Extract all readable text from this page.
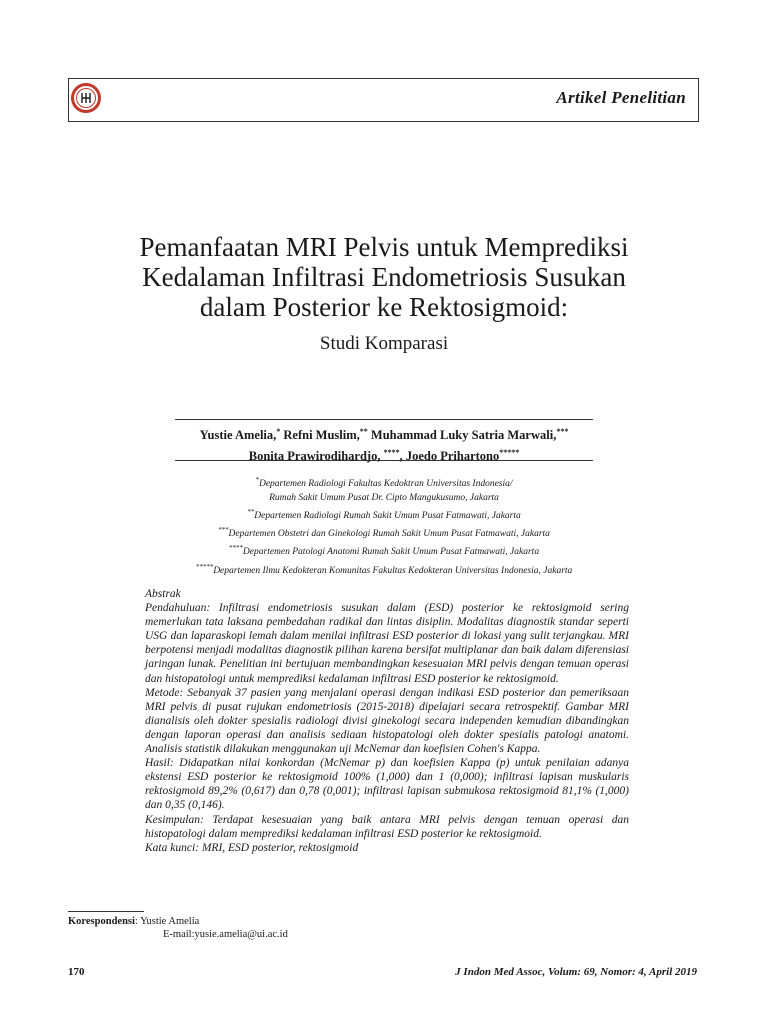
Artikel Penelitian
Pemanfaatan MRI Pelvis untuk Memprediksi
Kedalaman Infiltrasi Endometriosis Susukan
dalam Posterior ke Rektosigmoid:
Studi Komparasi
Yustie Amelia,* Refni Muslim,** Muhammad Luky Satria Marwali,***
Bonita Prawirodihardjo, ****, Joedo Prihartono*****
*Departemen Radiologi Fakultas Kedoktran Universitas Indonesia/
Rumah Sakit Umum Pusat Dr. Cipto Mangukusumo, Jakarta
**Departemen Radiologi Rumah Sakit Umum Pusat Fatmawati, Jakarta
***Departemen Obstetri dan Ginekologi Rumah Sakit Umum Pusat Fatmawati, Jakarta
****Departemen Patologi Anatomi Rumah Sakit Umum Pusat Fatmawati, Jakarta
*****Departemen Ilmu Kedokteran Komunitas Fakultas Kedokteran Universitas Indonesia, Jakarta

Abstrak

Pendahuluan: Infiltrasi endometriosis susukan dalam (ESD) posterior ke rektosigmoid sering memerlukan tata laksana pembedahan radikal dan lintas disiplin. Modalitas diagnostik standar seperti USG dan laparaskopi lemah dalam menilai infiltrasi ESD posterior di lokasi yang sulit terjangkau. MRI berpotensi menjadi modalitas diagnostik pilihan karena bersifat multiplanar dan baik dalam diferensiasi jaringan lunak. Penelitian ini bertujuan membandingkan kesesuaian MRI pelvis dengan temuan operasi dan histopatologi untuk memprediksi kedalaman infiltrasi ESD posterior ke rektosigmoid.

Metode: Sebanyak 37 pasien yang menjalani operasi dengan indikasi ESD posterior dan pemeriksaan MRI pelvis di pusat rujukan endometriosis (2015-2018) dipelajari secara retrospektif. Gambar MRI dianalisis oleh dokter spesialis radiologi divisi ginekologi secara independen kemudian dibandingkan dengan laporan operasi dan analisis sediaan histopatologi oleh dokter spesialis patologi anatomi. Analisis statistik dilakukan menggunakan uji McNemar dan koefisien Cohen's Kappa.

Hasil: Didapatkan nilai konkordan (McNemar p) dan koefisien Kappa (p) untuk penilaian adanya ekstensi ESD posterior ke rektosigmoid 100% (1,000) dan 1 (0,000); infiltrasi lapisan muskularis rektosigmoid 89,2% (0,617) dan 0,78 (0,001); infiltrasi lapisan submukosa rektosigmoid 81,1% (1,000) dan 0,35 (0,146).

Kesimpulan: Terdapat kesesuaian yang baik antara MRI pelvis dengan temuan operasi dan histopatologi dalam memprediksi kedalaman infiltrasi ESD posterior ke rektosigmoid.

Kata kunci: MRI, ESD posterior, rektosigmoid

Korespondensi: Yustie Amelia
E-mail:yusie.amelia@ui.ac.id
170	J Indon Med Assoc, Volum: 69, Nomor: 4, April 2019
